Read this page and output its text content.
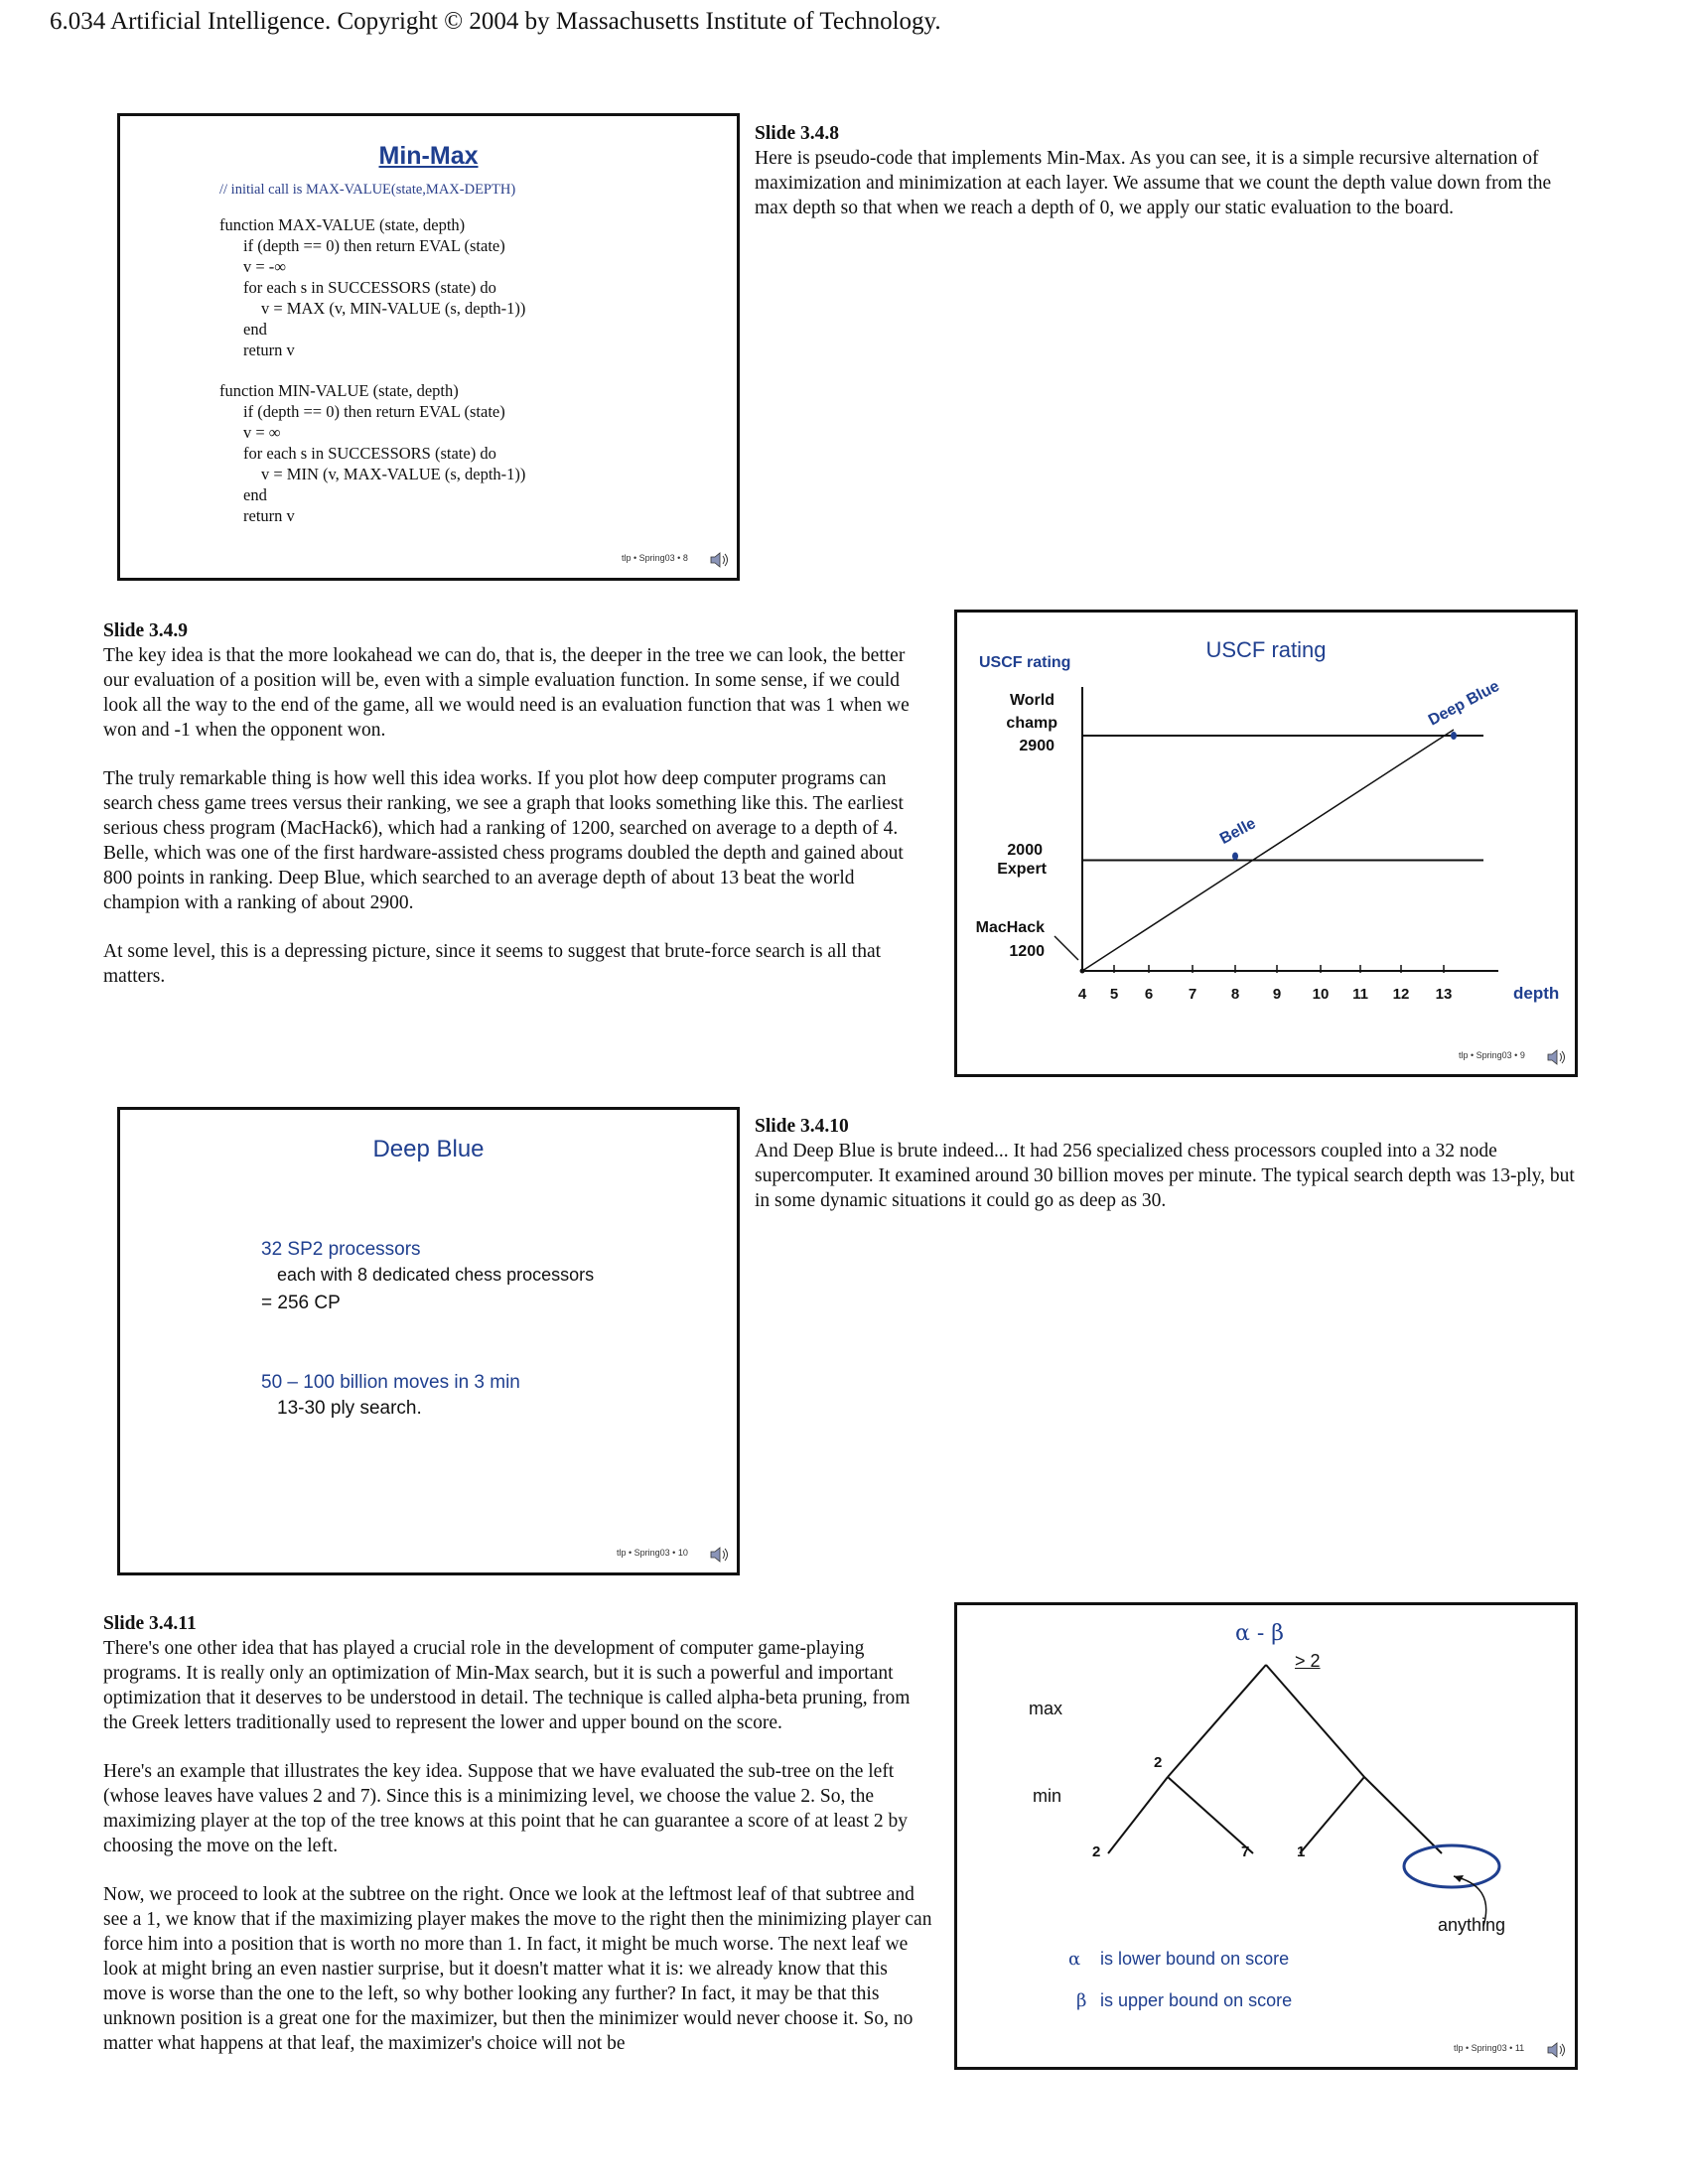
6.034 Artificial Intelligence. Copyright © 2004 by Massachusetts Institute of Technology.
Min-Max
// initial call is MAX-VALUE(state,MAX-DEPTH)
function MAX-VALUE (state, depth)
if (depth == 0) then return EVAL (state)
v = -∞
for each s in SUCCESSORS (state) do
v = MAX (v, MIN-VALUE (s, depth-1))
end
return v
function MIN-VALUE (state, depth)
if (depth == 0) then return EVAL (state)
v = ∞
for each s in SUCCESSORS (state) do
v = MIN (v, MAX-VALUE (s, depth-1))
end
return v
tlp • Spring03 • 8
Slide 3.4.8
Here is pseudo-code that implements Min-Max. As you can see, it is a simple recursive alternation of maximization and minimization at each layer. We assume that we count the depth value down from the max depth so that when we reach a depth of 0, we apply our static evaluation to the board.
Slide 3.4.9

The key idea is that the more lookahead we can do, that is, the deeper in the tree we can look, the better our evaluation of a position will be, even with a simple evaluation function. In some sense, if we could look all the way to the end of the game, all we would need is an evaluation function that was 1 when we won and -1 when the opponent won.

The truly remarkable thing is how well this idea works. If you plot how deep computer programs can search chess game trees versus their ranking, we see a graph that looks something like this. The earliest serious chess program (MacHack6), which had a ranking of 1200, searched on average to a depth of 4. Belle, which was one of the first hardware-assisted chess programs doubled the depth and gained about 800 points in ranking. Deep Blue, which searched to an average depth of about 13 beat the world champion with a ranking of about 2900.

At some level, this is a depressing picture, since it seems to suggest that brute-force search is all that matters.

4 5 6 7 8 9 10 11 12 13
USCF rating
USCF rating
depth
World
champ
2900
2000
Expert
MacHack
1200
Belle
Deep Blue
tlp • Spring03 • 9
Deep Blue
32 SP2 processors
each with 8 dedicated chess processors
= 256 CP
50 – 100 billion moves in 3 min
13-30 ply search.
tlp • Spring03 • 10
Slide 3.4.10
And Deep Blue is brute indeed... It had 256 specialized chess processors coupled into a 32 node supercomputer. It examined around 30 billion moves per minute. The typical search depth was 13-ply, but in some dynamic situations it could go as deep as 30.
Slide 3.4.11

There's one other idea that has played a crucial role in the development of computer game-playing programs. It is really only an optimization of Min-Max search, but it is such a powerful and important optimization that it deserves to be understood in detail. The technique is called alpha-beta pruning, from the Greek letters traditionally used to represent the lower and upper bound on the score.

Here's an example that illustrates the key idea. Suppose that we have evaluated the sub-tree on the left (whose leaves have values 2 and 7). Since this is a minimizing level, we choose the value 2. So, the maximizing player at the top of the tree knows at this point that he can guarantee a score of at least 2 by choosing the move on the left.

Now, we proceed to look at the subtree on the right. Once we look at the leftmost leaf of that subtree and see a 1, we know that if the maximizing player makes the move to the right then the minimizing player can force him into a position that is worth no more than 1. In fact, it might be much worse. The next leaf we look at might bring an even nastier surprise, but it doesn't matter what it is: we already know that this move is worse than the one to the left, so why bother looking any further? In fact, it may be that this unknown position is a great one for the maximizer, but then the minimizer would never choose it. So, no matter what happens at that leaf, the maximizer's choice will not be

α - β
> 2
max
min
2
2	7	1
anything
α is lower bound on score
β is upper bound on score
tlp • Spring03 • 11
